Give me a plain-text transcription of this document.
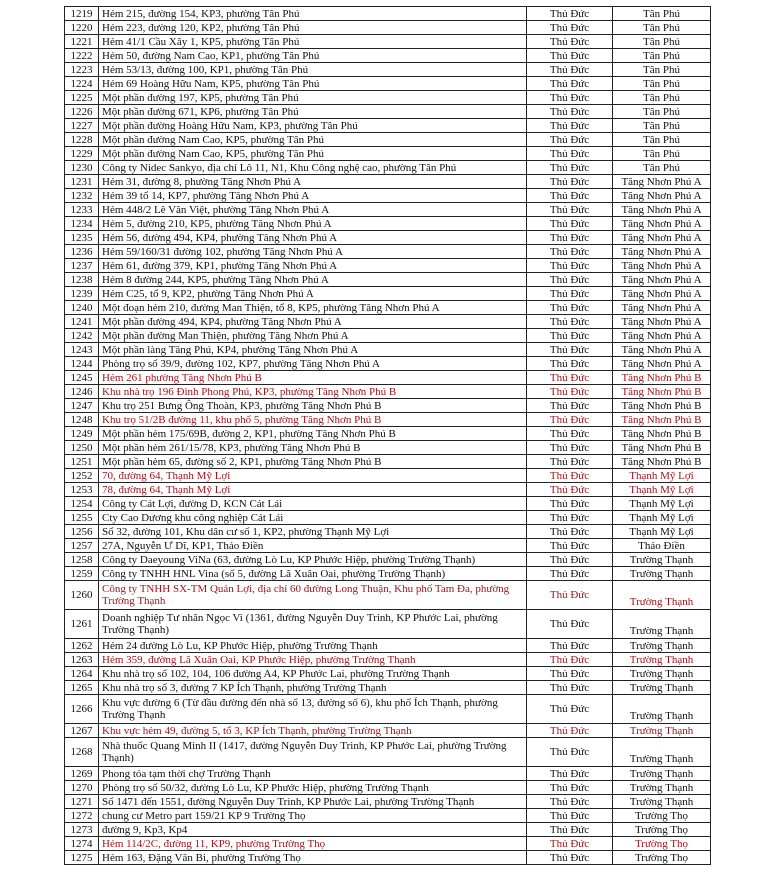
1219	Hẻm 215, đường 154, KP3, phường Tân Phú	Thủ Đức	Tân Phú
1220	Hẻm 223, đường 120, KP2, phường Tân Phú	Thủ Đức	Tân Phú
1221	Hẻm 41/1 Cầu Xây 1, KP5, phường Tân Phú	Thủ Đức	Tân Phú
1222	Hẻm 50, đường Nam Cao, KP1, phường Tân Phú	Thủ Đức	Tân Phú
1223	Hẻm 53/13, đường 100, KP1, phường Tân Phú	Thủ Đức	Tân Phú
1224	Hẻm 69 Hoàng Hữu Nam, KP5, phường Tân Phú	Thủ Đức	Tân Phú
1225	Một phần đường 197, KP5, phường Tân Phú	Thủ Đức	Tân Phú
1226	Một phần đường 671, KP6, phường Tân Phú	Thủ Đức	Tân Phú
1227	Một phần đường Hoàng Hữu Nam, KP3, phường Tân Phú	Thủ Đức	Tân Phú
1228	Một phần đường Nam Cao, KP5, phường Tân Phú	Thủ Đức	Tân Phú
1229	Một phần đường Nam Cao, KP5, phường Tân Phú	Thủ Đức	Tân Phú
1230	Công ty Nidec Sankyo, địa chỉ Lô 11, N1, Khu Công nghệ cao, phường Tân Phú	Thủ Đức	Tân Phú
1231	Hẻm 31, đường 8, phường Tăng Nhơn Phú A	Thủ Đức	Tăng Nhơn Phú A
1232	Hẻm 39 tổ 14, KP7, phường Tăng Nhơn Phú A	Thủ Đức	Tăng Nhơn Phú A
1233	Hẻm 448/2 Lê Văn Việt, phường Tăng Nhơn Phú A	Thủ Đức	Tăng Nhơn Phú A
1234	Hẻm 5, đường 210, KP5, phường Tăng Nhơn Phú A	Thủ Đức	Tăng Nhơn Phú A
1235	Hẻm 56, đường 494, KP4, phường Tăng Nhơn Phú A	Thủ Đức	Tăng Nhơn Phú A
1236	Hẻm 59/160/31 đường 102, phường Tăng Nhơn Phú A	Thủ Đức	Tăng Nhơn Phú A
1237	Hẻm 61, đường 379, KP1, phường Tăng Nhơn Phú A	Thủ Đức	Tăng Nhơn Phú A
1238	Hẻm 8 đường 244, KP5, phường Tăng Nhơn Phú A	Thủ Đức	Tăng Nhơn Phú A
1239	Hẻm C25, tổ 9, KP2, phường Tăng Nhơn Phú A	Thủ Đức	Tăng Nhơn Phú A
1240	Một đoạn hẻm 210, đường Man Thiện, tổ 8, KP5, phường Tăng Nhơn Phú A	Thủ Đức	Tăng Nhơn Phú A
1241	Một phần đường 494, KP4, phường Tăng Nhơn Phú A	Thủ Đức	Tăng Nhơn Phú A
1242	Một phần đường Man Thiện, phường Tăng Nhơn Phú A	Thủ Đức	Tăng Nhơn Phú A
1243	Một phần làng Tăng Phú, KP4, phường Tăng Nhơn Phú A	Thủ Đức	Tăng Nhơn Phú A
1244	Phòng trọ số 39/9, đường 102, KP7, phường Tăng Nhơn Phú A	Thủ Đức	Tăng Nhơn Phú A
1245	Hẻm 261 phường Tăng Nhơn Phú B	Thủ Đức	Tăng Nhơn Phú B
1246	Khu nhà trọ 196 Đình Phong Phú, KP3, phường Tăng Nhơn Phú B	Thủ Đức	Tăng Nhơn Phú B
1247	Khu trọ 251 Bưng Ông Thoàn, KP3, phường Tăng Nhơn Phú B	Thủ Đức	Tăng Nhơn Phú B
1248	Khu trọ 51/2B đường 11, khu phố 5, phường Tăng Nhơn Phú B	Thủ Đức	Tăng Nhơn Phú B
1249	Một phần hẻm 175/69B, đường 2, KP1, phường Tăng Nhơn Phú B	Thủ Đức	Tăng Nhơn Phú B
1250	Một phần hẻm 261/15/78, KP3, phường Tăng Nhơn Phú B	Thủ Đức	Tăng Nhơn Phú B
1251	Một phần hẻm 65, đường số 2, KP1, phường Tăng Nhơn Phú B	Thủ Đức	Tăng Nhơn Phú B
1252	70, đường 64, Thạnh Mỹ Lợi	Thủ Đức	Thạnh Mỹ Lợi
1253	78, đường 64, Thạnh Mỹ Lợi	Thủ Đức	Thạnh Mỹ Lợi
1254	Công ty Cát Lợi, đường D, KCN Cát Lái	Thủ Đức	Thạnh Mỹ Lợi
1255	Cty Cao Dương khu công nghiệp Cát Lái	Thủ Đức	Thạnh Mỹ Lợi
1256	Số 32, đường 101, Khu dân cư số 1, KP2, phường Thạnh Mỹ Lợi	Thủ Đức	Thạnh Mỹ Lợi
1257	27A, Nguyễn Ư Dĩ, KP1, Thảo Điền	Thủ Đức	Thảo Điền
1258	Công ty Daeyoung ViNa (63, đường Lò Lu, KP Phước Hiệp, phường Trường Thạnh)	Thủ Đức	Trường Thạnh
1259	Công ty TNHH HNL Vina (số 5, đường Lã Xuân Oai, phường Trường Thạnh)	Thủ Đức	Trường Thạnh
1260	Công ty TNHH SX-TM Quản Lợi, địa chỉ 60 đường Long Thuận, Khu phố Tam Đa, phường Trường Thạnh	Thủ Đức	Trường Thạnh
1261	Doanh nghiệp Tư nhân Ngọc Vi (1361, đường Nguyễn Duy Trinh, KP Phước Lai, phường Trường Thạnh)	Thủ Đức	Trường Thạnh
1262	Hẻm 24 đường Lò Lu, KP Phước Hiệp, phường Trường Thạnh	Thủ Đức	Trường Thạnh
1263	Hẻm 359, đường Lã Xuân Oai, KP Phước Hiệp, phường Trường Thạnh	Thủ Đức	Trường Thạnh
1264	Khu nhà trọ số 102, 104, 106 đường A4, KP Phước Lai, phường Trường Thạnh	Thủ Đức	Trường Thạnh
1265	Khu nhà trọ số 3, đường 7 KP Ích Thạnh, phường Trường Thạnh	Thủ Đức	Trường Thạnh
1266	Khu vực đường 6 (Từ đầu đường đến nhà số 13, đường số 6), khu phố Ích Thạnh, phường Trường Thạnh	Thủ Đức	Trường Thạnh
1267	Khu vực hẻm 49, đường 5, tổ 3, KP Ích Thạnh, phường Trường Thạnh	Thủ Đức	Trường Thạnh
1268	Nhà thuốc Quang Minh II (1417, đường Nguyễn Duy Trinh, KP Phước Lai, phường Trường Thạnh)	Thủ Đức	Trường Thạnh
1269	Phong tỏa tạm thời chợ Trường Thạnh	Thủ Đức	Trường Thạnh
1270	Phòng trọ số 50/32, đường Lò Lu, KP Phước Hiệp, phường Trường Thạnh	Thủ Đức	Trường Thạnh
1271	Số 1471 đến 1551, đường Nguyễn Duy Trinh, KP Phước Lai, phường Trường Thạnh	Thủ Đức	Trường Thạnh
1272	chung cư Metro part 159/21 KP 9 Trường Thọ	Thủ Đức	Trường Thọ
1273	đường 9, Kp3, Kp4	Thủ Đức	Trường Thọ
1274	Hẻm 114/2C, đường 11, KP9, phường Trường Thọ	Thủ Đức	Trường Thọ
1275	Hẻm 163, Đặng Văn Bi, phường Trường Thọ	Thủ Đức	Trường Thọ
